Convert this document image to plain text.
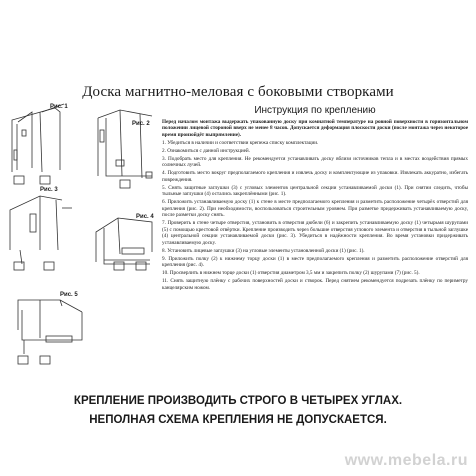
Доска магнитно-меловая с боковыми створками
Рис. 1
Рис. 2
Рис. 3
Рис. 4
Рис. 5
Инструкция по креплению

Перед началом монтажа выдержать упакованную доску при комнатной температуре на ровной поверхности в горизонтальном положении лицевой стороной вверх не менее 8 часов. Допускается деформация плоскости доски (после монтажа через некоторое время произойдёт выпрямление).

1. Убедиться в наличии и соответствии крепежа списку комплектации.

2. Ознакомиться с данной инструкцией.

3. Подобрать место для крепления. Не рекомендуется устанавливать доску вблизи источников тепла и в местах воздействия прямых солнечных лучей.

4. Подготовить место вокруг предполагаемого крепления и извлечь доску и комплектующие из упаковки. Извлекать аккуратно, избегать повреждения.

5. Снять защитные заглушки (3) с угловых элементов центральной секции устанавливаемой доски (1). При снятии следить, чтобы тыльные заглушки (4) остались закреплёнными (рис. 1).

6. Приложить устанавливаемую доску (1) к стене в месте предполагаемого крепления и разметить расположение четырёх отверстий для крепления (рис. 2). При необходимости, воспользоваться строительным уровнем. При разметке придерживать устанавливаемую доску, после разметки доску снять.

7. Проверить в стене четыре отверстия, установить в отверстия дюбели (6) и закрепить устанавливаемую доску (1) четырьмя шурупами (5) с помощью крестовой отвёртки. Крепление производить через большие отверстия углового элемента и отверстия в тыльной заглушке (4) центральной секции устанавливаемой доски (рис. 3). Убедиться в надёжности крепления. Во время установки придерживать устанавливаемую доску.

8. Установить лицевые заглушки (3) на угловые элементы установленной доски (1) (рис. 1).

9. Приложить полку (2) к нижнему торцу доски (1) в месте предполагаемого крепления и разметить расположение отверстий для крепления (рис. 4).

10. Просверлить в нижнем торце доски (1) отверстия диаметром 3,5 мм и закрепить полку (2) шурупами (7) (рис. 5).

11. Снять защитную плёнку с рабочих поверхностей доски и створок. Перед снятием рекомендуется подрезать плёнку по периметру канцелярским ножом.

КРЕПЛЕНИЕ ПРОИЗВОДИТЬ СТРОГО В ЧЕТЫРЕХ УГЛАХ.
НЕПОЛНАЯ СХЕМА КРЕПЛЕНИЯ НЕ ДОПУСКАЕТСЯ.
www.mebela.ru
